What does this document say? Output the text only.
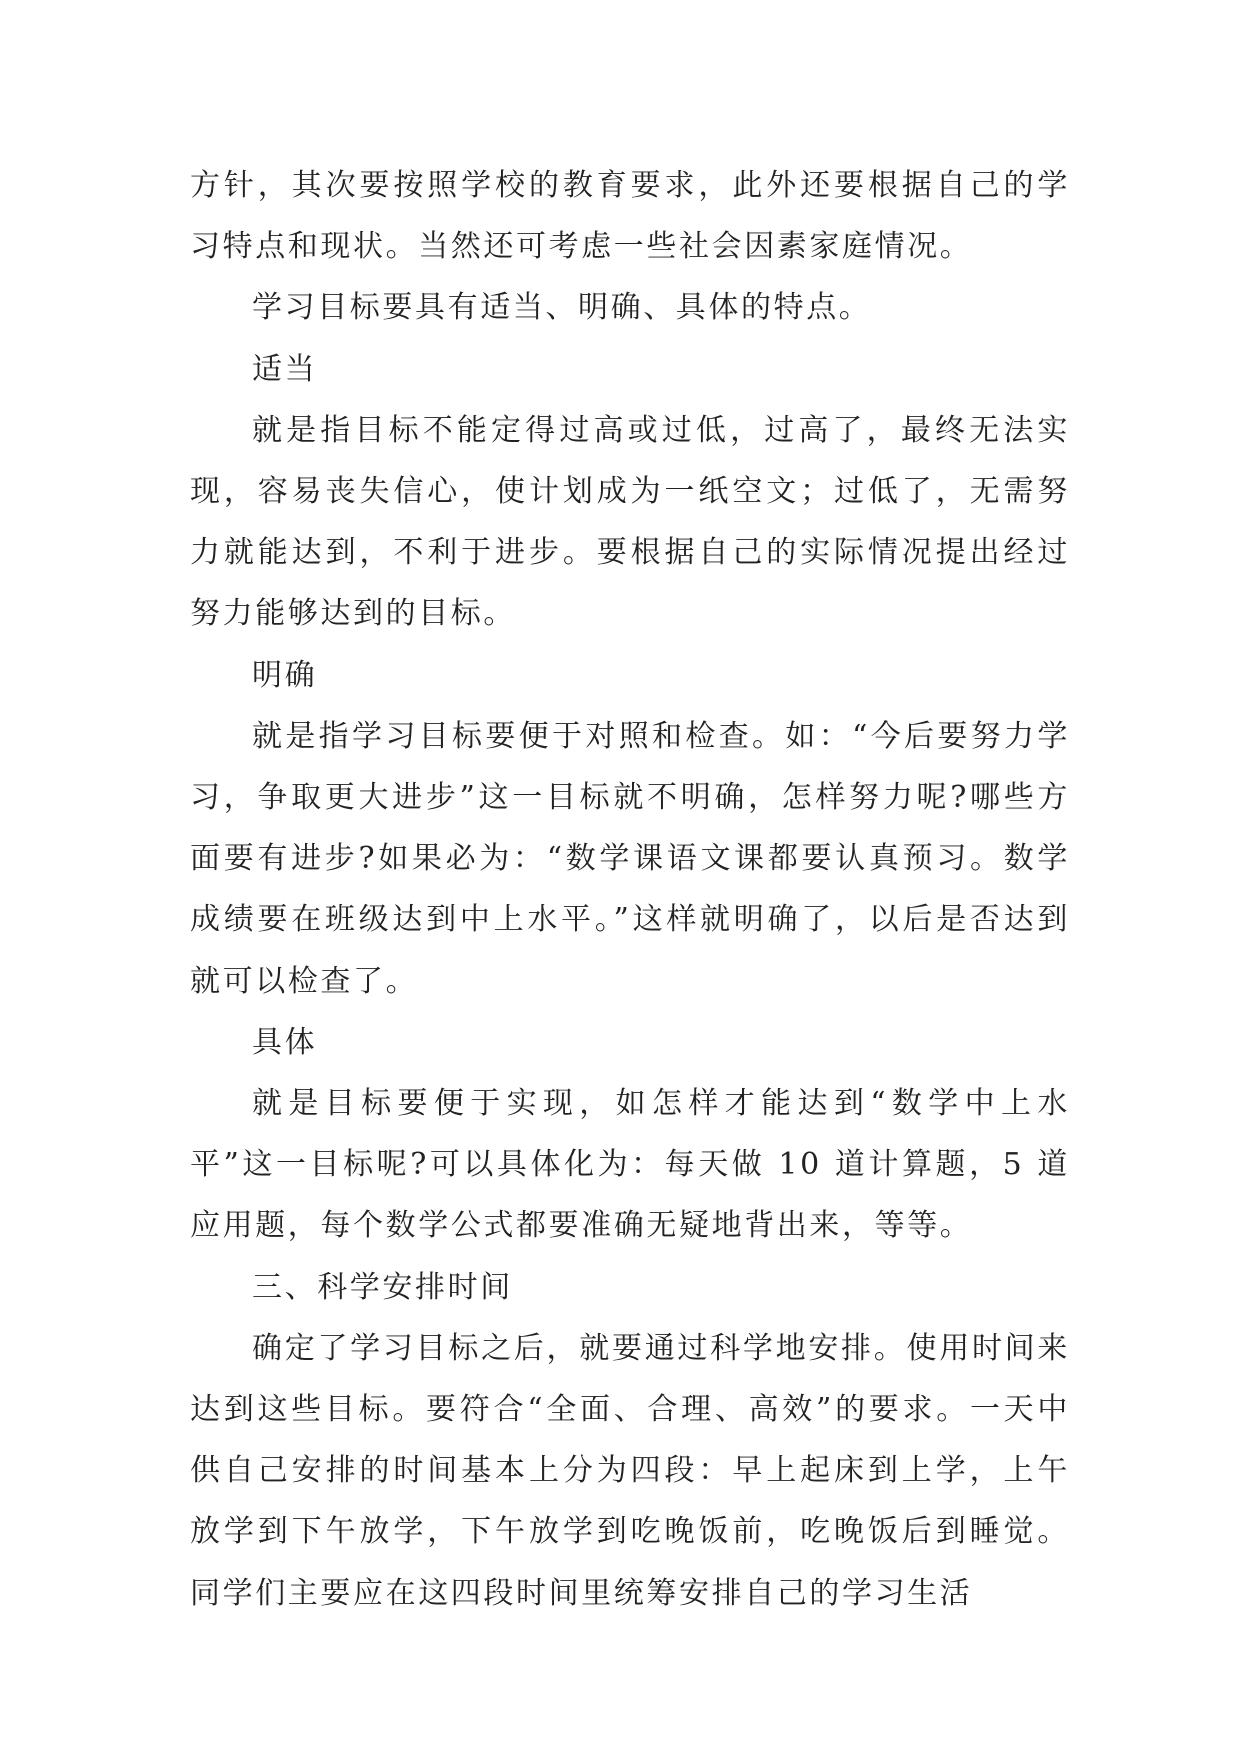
方针，其次要按照学校的教育要求，此外还要根据自己的学习特点和现状。当然还可考虑一些社会因素家庭情况。

学习目标要具有适当、明确、具体的特点。

适当

就是指目标不能定得过高或过低，过高了，最终无法实现，容易丧失信心，使计划成为一纸空文；过低了，无需努力就能达到，不利于进步。要根据自己的实际情况提出经过努力能够达到的目标。

明确

就是指学习目标要便于对照和检查。如：“今后要努力学习，争取更大进步”这一目标就不明确，怎样努力呢?哪些方面要有进步?如果必为：“数学课语文课都要认真预习。数学成绩要在班级达到中上水平。”这样就明确了，以后是否达到就可以检查了。

具体

就是目标要便于实现，如怎样才能达到“数学中上水平”这一目标呢?可以具体化为：每天做 10 道计算题，5 道应用题，每个数学公式都要准确无疑地背出来，等等。

三、科学安排时间

确定了学习目标之后，就要通过科学地安排。使用时间来达到这些目标。要符合“全面、合理、高效”的要求。一天中供自己安排的时间基本上分为四段：早上起床到上学，上午放学到下午放学，下午放学到吃晚饭前，吃晚饭后到睡觉。同学们主要应在这四段时间里统筹安排自己的学习生活
